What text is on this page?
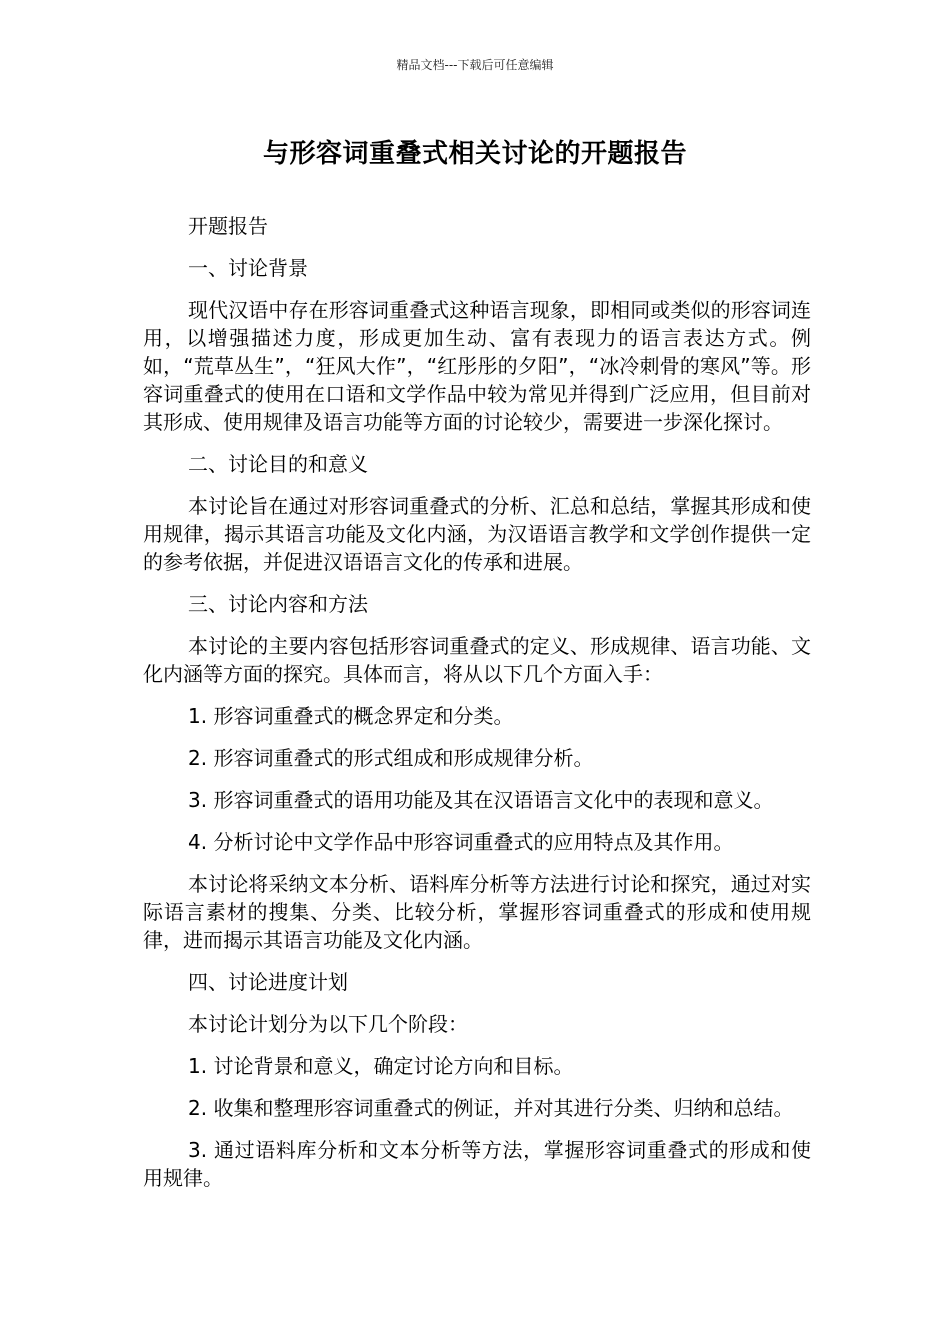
精品文档---下载后可任意编辑
与形容词重叠式相关讨论的开题报告

开题报告

一、讨论背景

现代汉语中存在形容词重叠式这种语言现象，即相同或类似的形容词连用，以增强描述力度，形成更加生动、富有表现力的语言表达方式。例如，“荒草丛生”，“狂风大作”，“红彤彤的夕阳”，“冰冷刺骨的寒风”等。形容词重叠式的使用在口语和文学作品中较为常见并得到广泛应用，但目前对其形成、使用规律及语言功能等方面的讨论较少，需要进一步深化探讨。

二、讨论目的和意义

本讨论旨在通过对形容词重叠式的分析、汇总和总结，掌握其形成和使用规律，揭示其语言功能及文化内涵，为汉语语言教学和文学创作提供一定的参考依据，并促进汉语语言文化的传承和进展。

三、讨论内容和方法

本讨论的主要内容包括形容词重叠式的定义、形成规律、语言功能、文化内涵等方面的探究。具体而言，将从以下几个方面入手：

1. 形容词重叠式的概念界定和分类。

2. 形容词重叠式的形式组成和形成规律分析。

3. 形容词重叠式的语用功能及其在汉语语言文化中的表现和意义。

4. 分析讨论中文学作品中形容词重叠式的应用特点及其作用。

本讨论将采纳文本分析、语料库分析等方法进行讨论和探究，通过对实际语言素材的搜集、分类、比较分析，掌握形容词重叠式的形成和使用规律，进而揭示其语言功能及文化内涵。

四、讨论进度计划

本讨论计划分为以下几个阶段：

1. 讨论背景和意义，确定讨论方向和目标。

2. 收集和整理形容词重叠式的例证，并对其进行分类、归纳和总结。

3. 通过语料库分析和文本分析等方法，掌握形容词重叠式的形成和使用规律。
